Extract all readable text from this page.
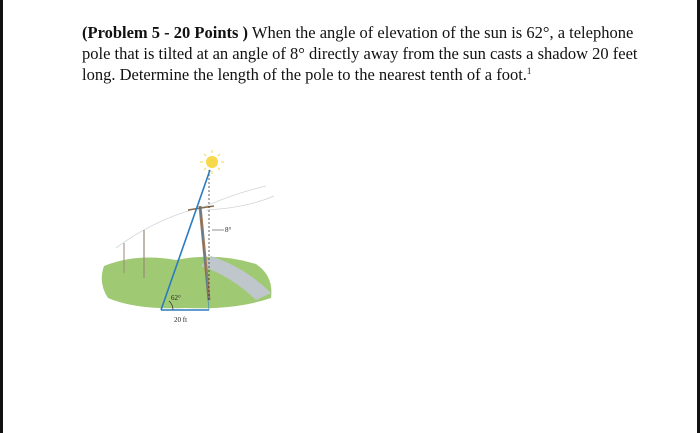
(Problem 5 - 20 Points ) When the angle of elevation of the sun is 62°, a telephone pole that is tilted at an angle of 8° directly away from the sun casts a shadow 20 feet long. Determine the length of the pole to the nearest tenth of a foot.$^1$
62°
8°
20 ft
